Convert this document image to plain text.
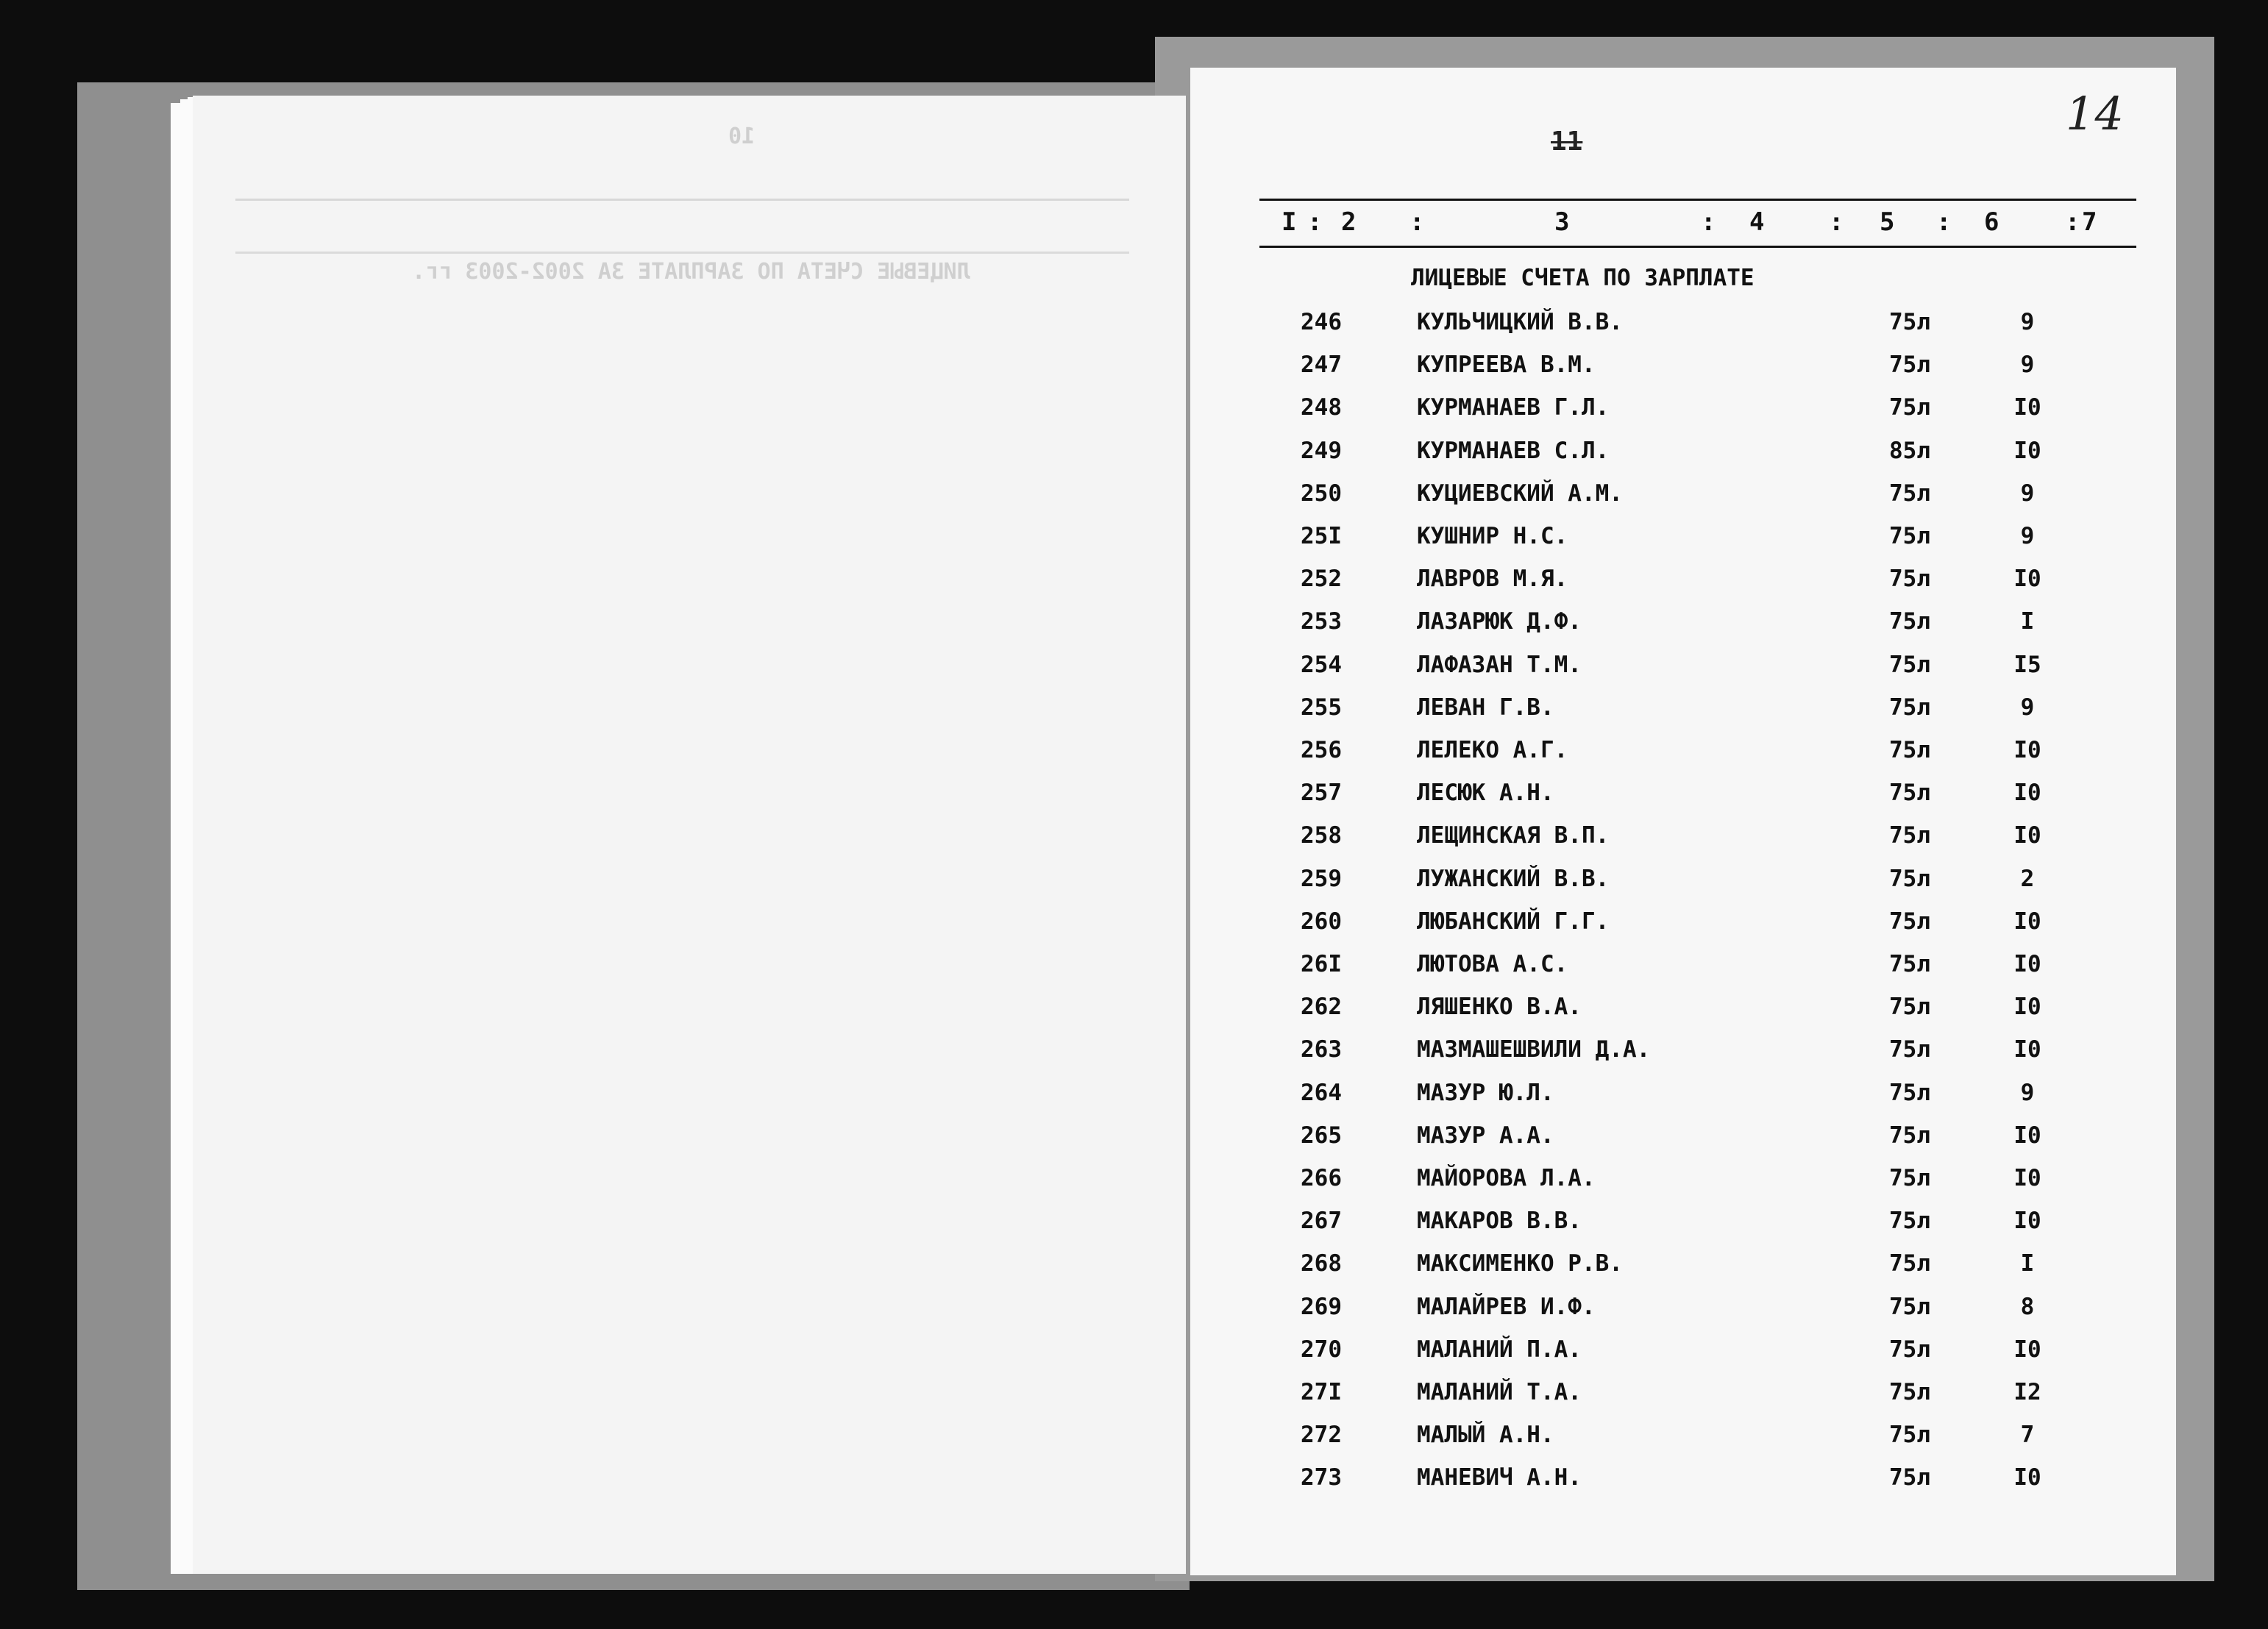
10
ЛИЦЕВЫЕ СЧЕТА ПО ЗАРПЛАТЕ ЗА 2002-2003 гг.
11
14
I : 2 :	3	: 4	: 5 : 6	: 7
ЛИЦЕВЫЕ СЧЕТА ПО ЗАРПЛАТЕ
246	КУЛЬЧИЦКИЙ В.В.	75л	9
247	КУПРЕЕВА В.М.	75л	9
248	КУРМАНАЕВ Г.Л.	75л	I0
249	КУРМАНАЕВ С.Л.	85л	I0
250	КУЦИЕВСКИЙ А.М.	75л	9
25I	КУШНИР Н.С.	75л	9
252	ЛАВРОВ М.Я.	75л	I0
253	ЛАЗАРЮК Д.Ф.	75л	I
254	ЛАФАЗАН Т.М.	75л	I5
255	ЛЕВАН Г.В.	75л	9
256	ЛЕЛЕКО А.Г.	75л	I0
257	ЛЕСЮК А.Н.	75л	I0
258	ЛЕЩИНСКАЯ В.П.	75л	I0
259	ЛУЖАНСКИЙ В.В.	75л	2
260	ЛЮБАНСКИЙ Г.Г.	75л	I0
26I	ЛЮТОВА А.С.	75л	I0
262	ЛЯШЕНКО В.А.	75л	I0
263	МАЗМАШЕШВИЛИ Д.А.	75л	I0
264	МАЗУР Ю.Л.	75л	9
265	МАЗУР А.А.	75л	I0
266	МАЙОРОВА Л.А.	75л	I0
267	МАКАРОВ В.В.	75л	I0
268	МАКСИМЕНКО Р.В.	75л	I
269	МАЛАЙРЕВ И.Ф.	75л	8
270	МАЛАНИЙ П.А.	75л	I0
27I	МАЛАНИЙ Т.А.	75л	I2
272	МАЛЫЙ А.Н.	75л	7
273	МАНЕВИЧ А.Н.	75л	I0
